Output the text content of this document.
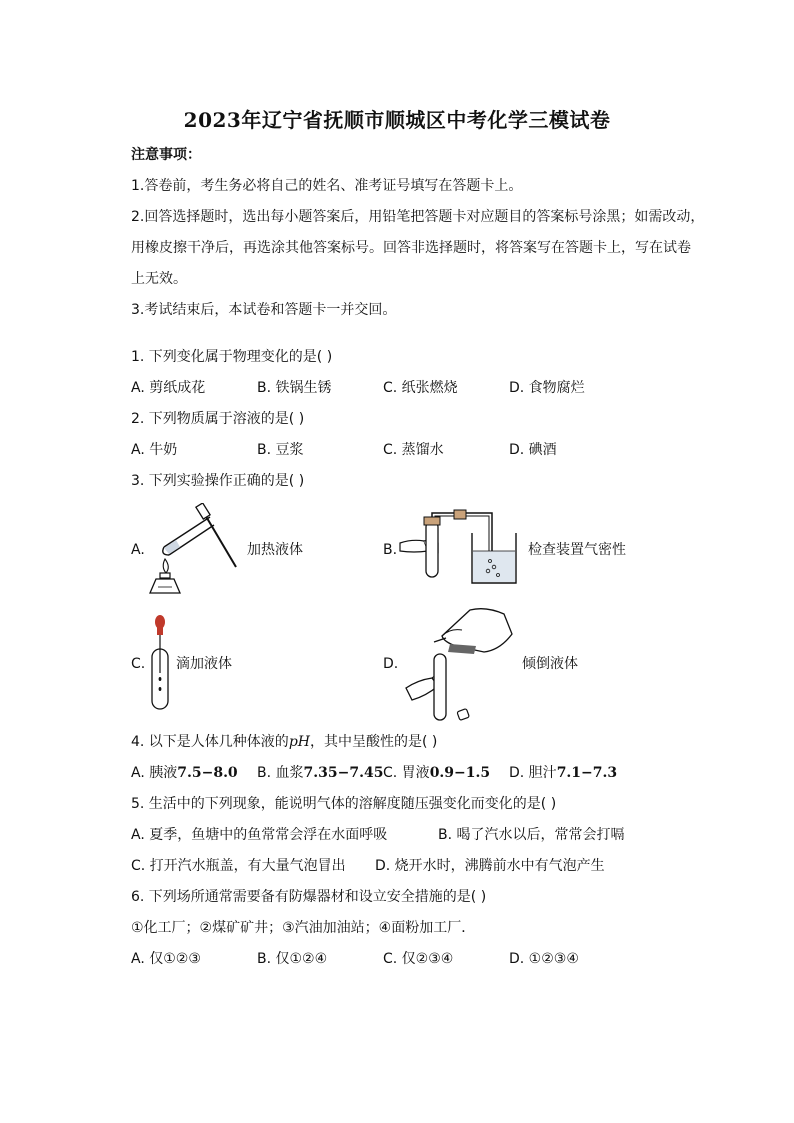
2023年辽宁省抚顺市顺城区中考化学三模试卷
注意事项：
1.答卷前，考生务必将自己的姓名、准考证号填写在答题卡上。
2.回答选择题时，选出每小题答案后，用铅笔把答题卡对应题目的答案标号涂黑；如需改动，
用橡皮擦干净后，再选涂其他答案标号。回答非选择题时，将答案写在答题卡上，写在试卷
上无效。
3.考试结束后，本试卷和答题卡一并交回。
1. 下列变化属于物理变化的是( )
A. 剪纸成花	B. 铁锅生锈	C. 纸张燃烧	D. 食物腐烂
2. 下列物质属于溶液的是( )
A. 牛奶	B. 豆浆	C. 蒸馏水	D. 碘酒
3. 下列实验操作正确的是( )
A.	加热液体	B.	检查装置气密性
C. 滴加液体	D.	倾倒液体
4. 以下是人体几种体液的pH，其中呈酸性的是( )
A. 胰液7.5−8.0 B. 血浆7.35−7.45 C. 胃液0.9−1.5 D. 胆汁7.1−7.3
5. 生活中的下列现象，能说明气体的溶解度随压强变化而变化的是( )
A. 夏季，鱼塘中的鱼常常会浮在水面呼吸	B. 喝了汽水以后，常常会打嗝
C. 打开汽水瓶盖，有大量气泡冒出 D. 烧开水时，沸腾前水中有气泡产生
6. 下列场所通常需要备有防爆器材和设立安全措施的是( )
①化工厂；②煤矿矿井；③汽油加油站；④面粉加工厂．
A. 仅①②③	B. 仅①②④	C. 仅②③④	D. ①②③④
